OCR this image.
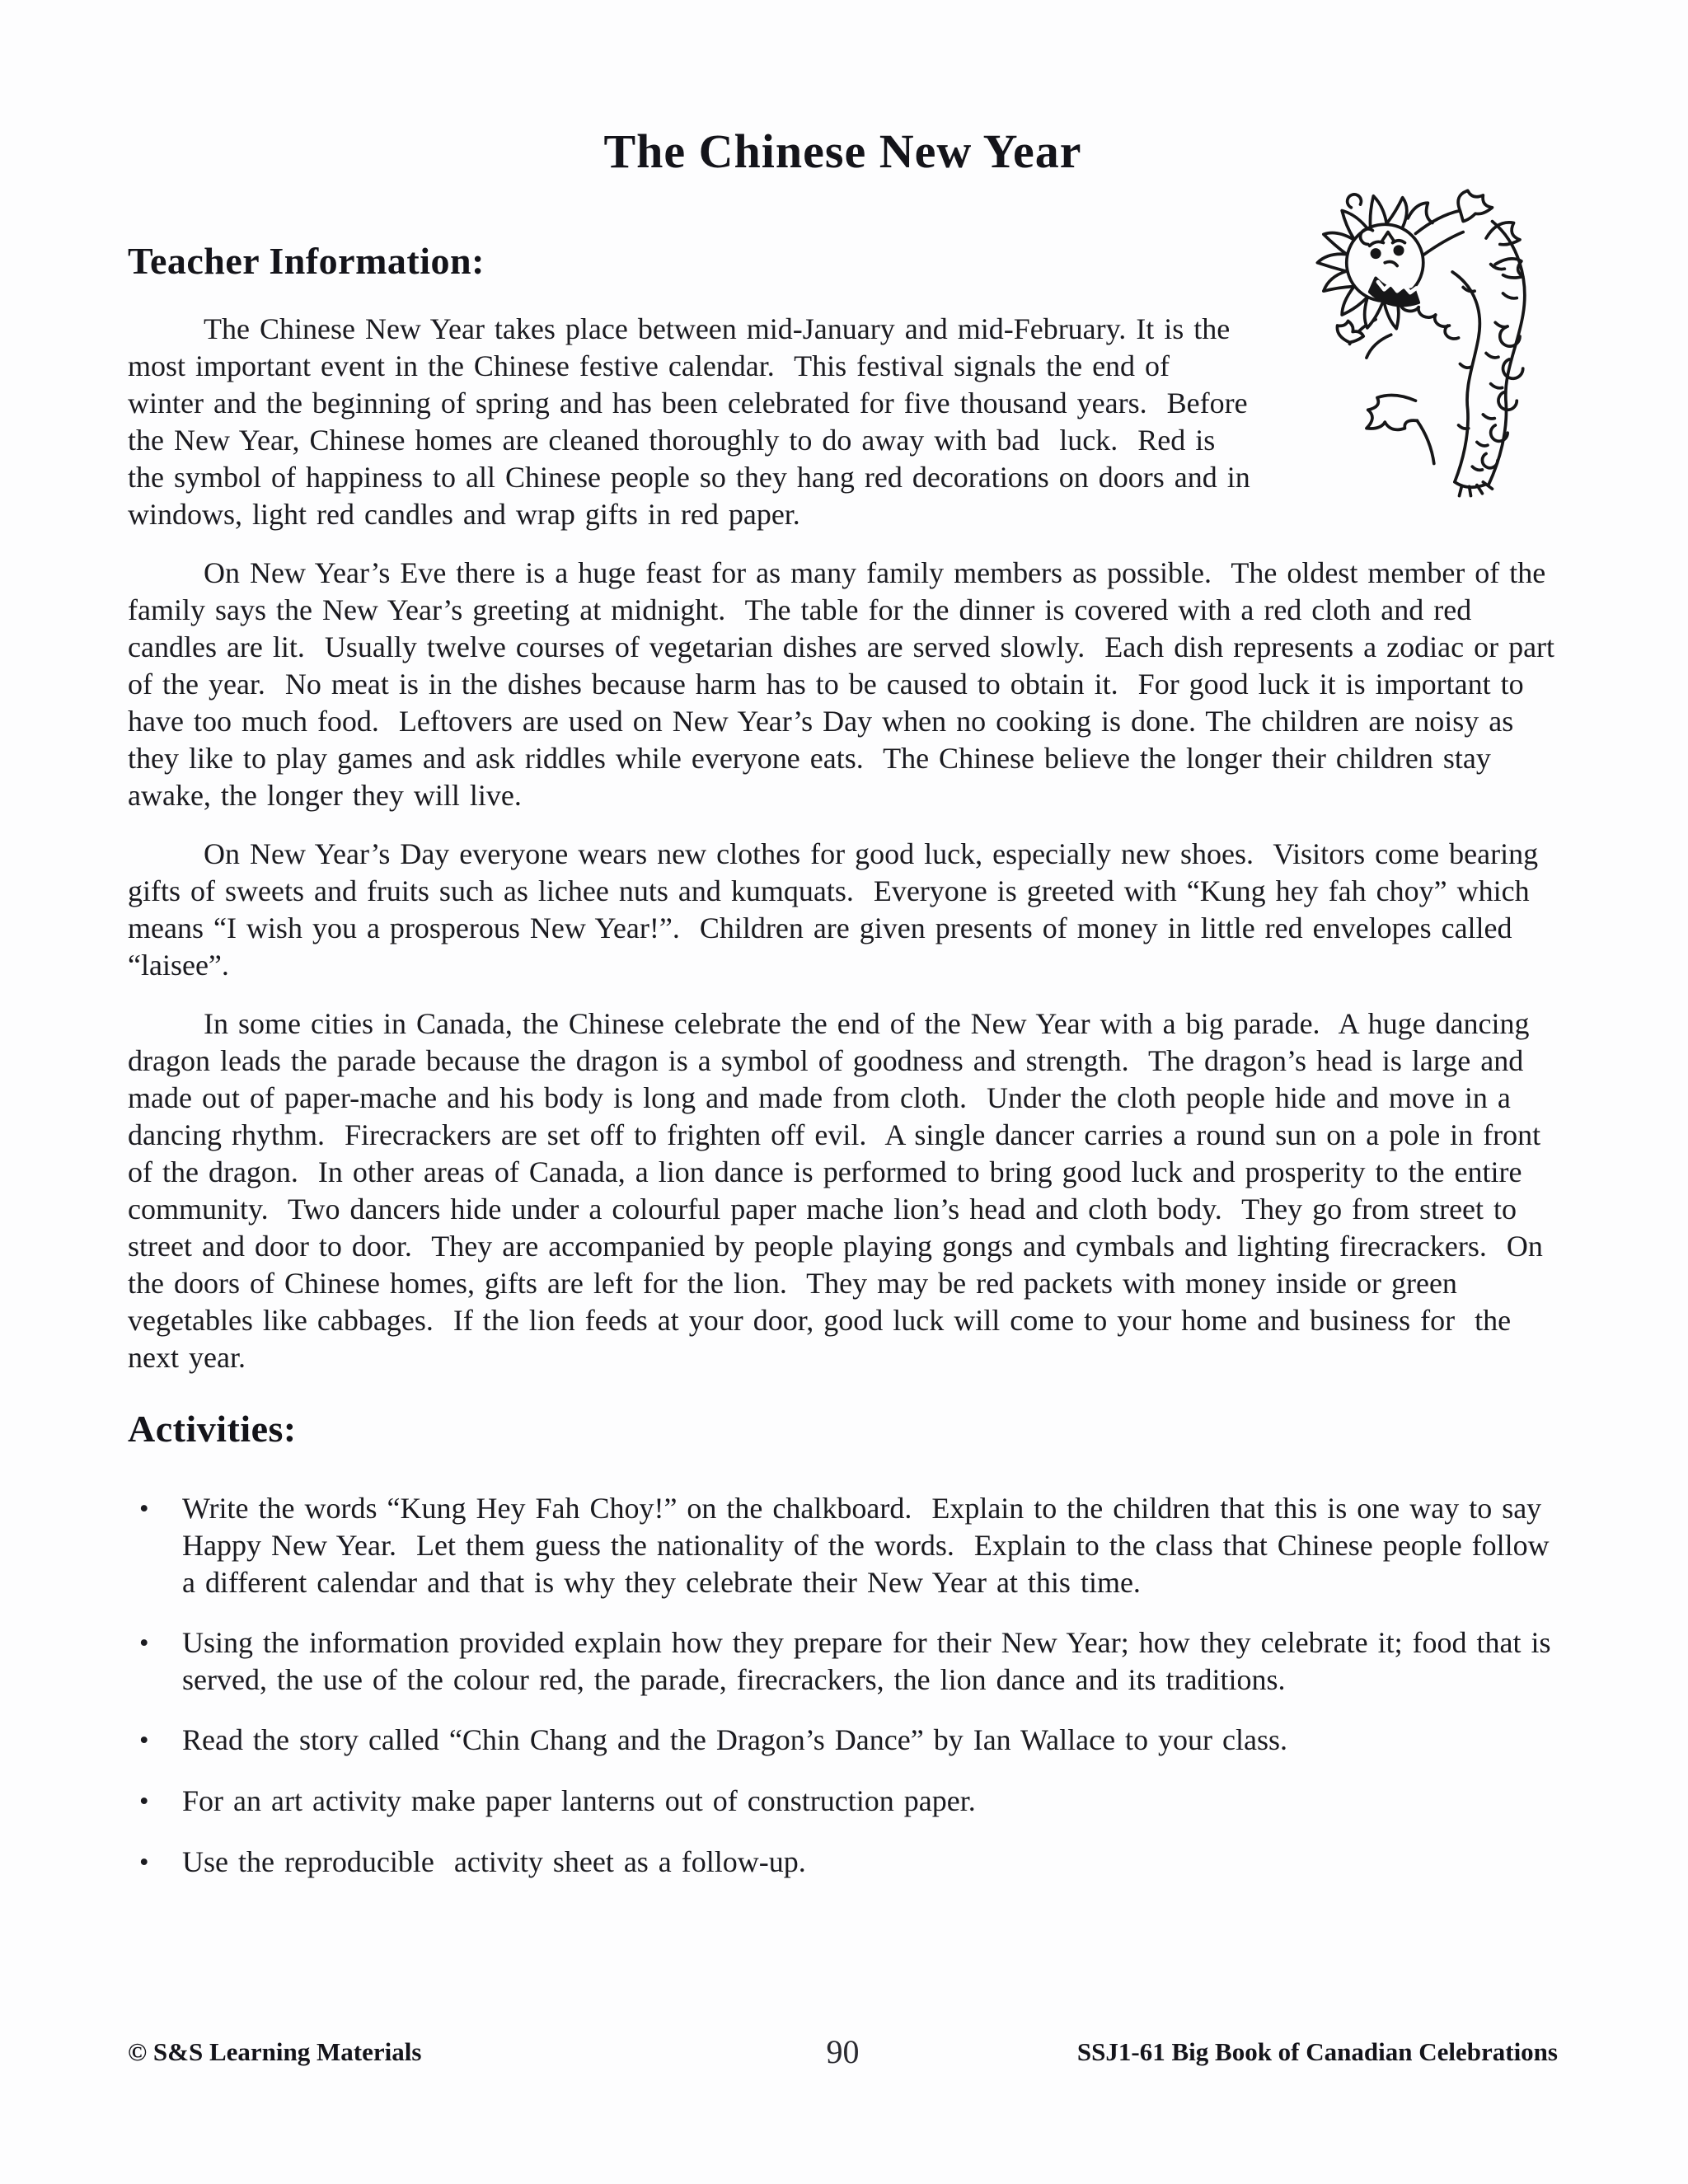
The Chinese New Year
Teacher Information:

The Chinese New Year takes place between mid-January and mid-February. It is the most important event in the Chinese festive calendar.  This festival signals the end of winter and the beginning of spring and has been celebrated for five thousand years.  Before the New Year, Chinese homes are cleaned thoroughly to do away with bad  luck.  Red is the symbol of happiness to all Chinese people so they hang red decorations on doors and in windows, light red candles and wrap gifts in red paper.

On New Year’s Eve there is a huge feast for as many family members as possible.  The oldest member of the family says the New Year’s greeting at midnight.  The table for the dinner is covered with a red cloth and red candles are lit.  Usually twelve courses of vegetarian dishes are served slowly.  Each dish represents a zodiac or part of the year.  No meat is in the dishes because harm has to be caused to obtain it.  For good luck it is important to have too much food.  Leftovers are used on New Year’s Day when no cooking is done. The children are noisy as they like to play games and ask riddles while everyone eats.  The Chinese believe the longer their children stay awake, the longer they will live.

On New Year’s Day everyone wears new clothes for good luck, especially new shoes.  Visitors come bearing gifts of sweets and fruits such as lichee nuts and kumquats.  Everyone is greeted with “Kung hey fah choy” which means “I wish you a prosperous New Year!”.  Children are given presents of money in little red envelopes called “laisee”.

In some cities in Canada, the Chinese celebrate the end of the New Year with a big parade.  A huge dancing dragon leads the parade because the dragon is a symbol of goodness and strength.  The dragon’s head is large and made out of paper-mache and his body is long and made from cloth.  Under the cloth people hide and move in a dancing rhythm.  Firecrackers are set off to frighten off evil.  A single dancer carries a round sun on a pole in front of the dragon.  In other areas of Canada, a lion dance is performed to bring good luck and prosperity to the entire community.  Two dancers hide under a colourful paper mache lion’s head and cloth body.  They go from street to street and door to door.  They are accompanied by people playing gongs and cymbals and lighting firecrackers.  On the doors of Chinese homes, gifts are left for the lion.  They may be red packets with money inside or green vegetables like cabbages.  If the lion feeds at your door, good luck will come to your home and business for  the next year.

Activities:
•	Write the words “Kung Hey Fah Choy!” on the chalkboard.  Explain to the children that this is one way to say Happy New Year.  Let them guess the nationality of the words.  Explain to the class that Chinese people follow a different calendar and that is why they celebrate their New Year at this time.
•	Using the information provided explain how they prepare for their New Year; how they celebrate it; food that is served, the use of the colour red, the parade, firecrackers, the lion dance and its traditions.
•	Read the story called “Chin Chang and the Dragon’s Dance” by Ian Wallace to your class.
•	For an art activity make paper lanterns out of construction paper.
•	Use the reproducible  activity sheet as a follow-up.
© S&S Learning Materials	90	SSJ1-61 Big Book of Canadian Celebrations
